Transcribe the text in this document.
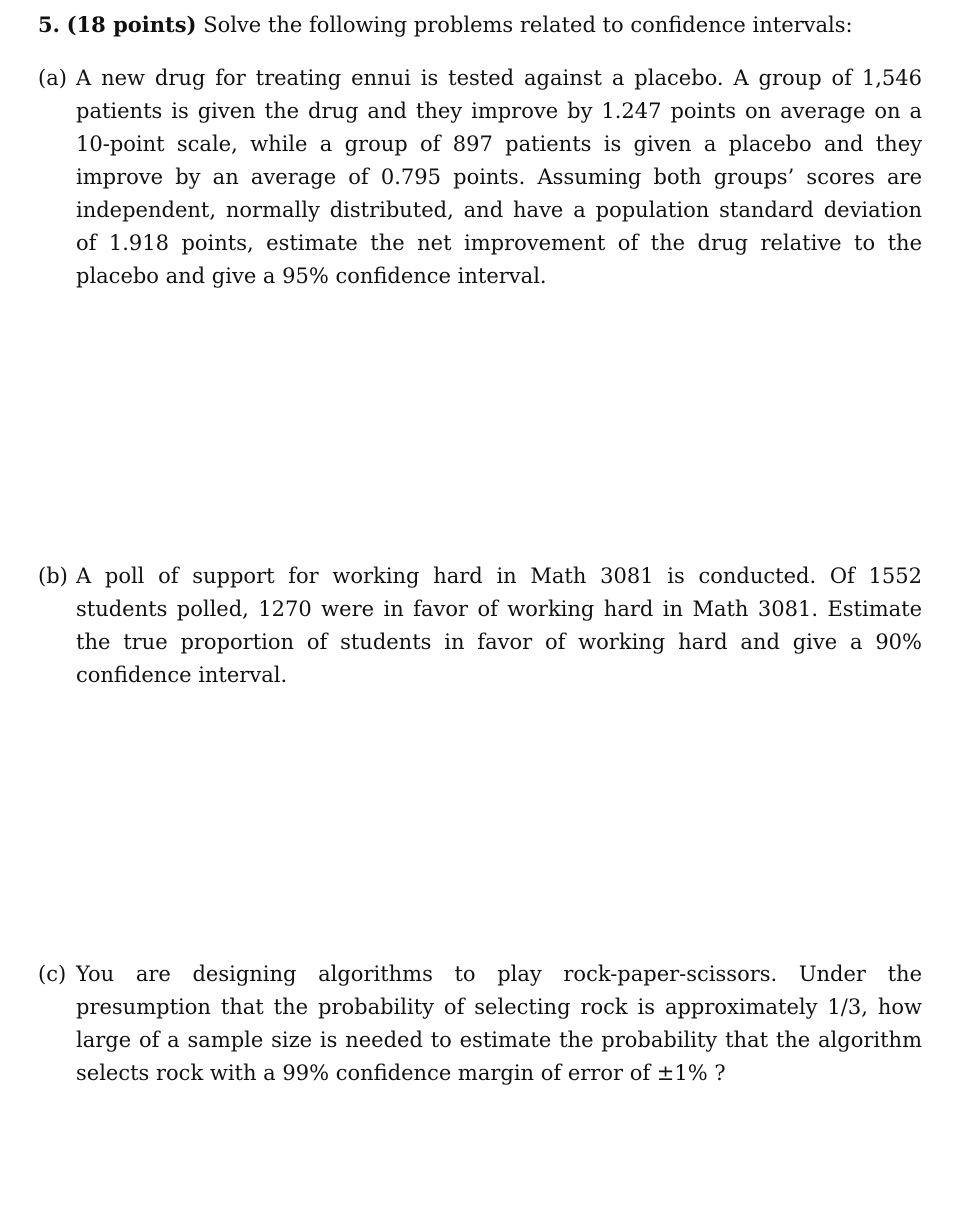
5. (18 points) Solve the following problems related to confidence intervals:
(a) A new drug for treating ennui is tested against a placebo. A group of 1,546 patients is given the drug and they improve by 1.247 points on average on a 10-point scale, while a group of 897 patients is given a placebo and they improve by an average of 0.795 points. Assuming both groups’ scores are independent, normally distributed, and have a population standard deviation of 1.918 points, estimate the net improvement of the drug relative to the placebo and give a 95% confidence interval.
(b) A poll of support for working hard in Math 3081 is conducted. Of 1552 students polled, 1270 were in favor of working hard in Math 3081. Estimate the true proportion of students in favor of working hard and give a 90% confidence interval.
(c) You are designing algorithms to play rock-paper-scissors. Under the presumption that the probability of selecting rock is approximately 1/3, how large of a sample size is needed to estimate the probability that the algorithm selects rock with a 99% confidence margin of error of ±1% ?
